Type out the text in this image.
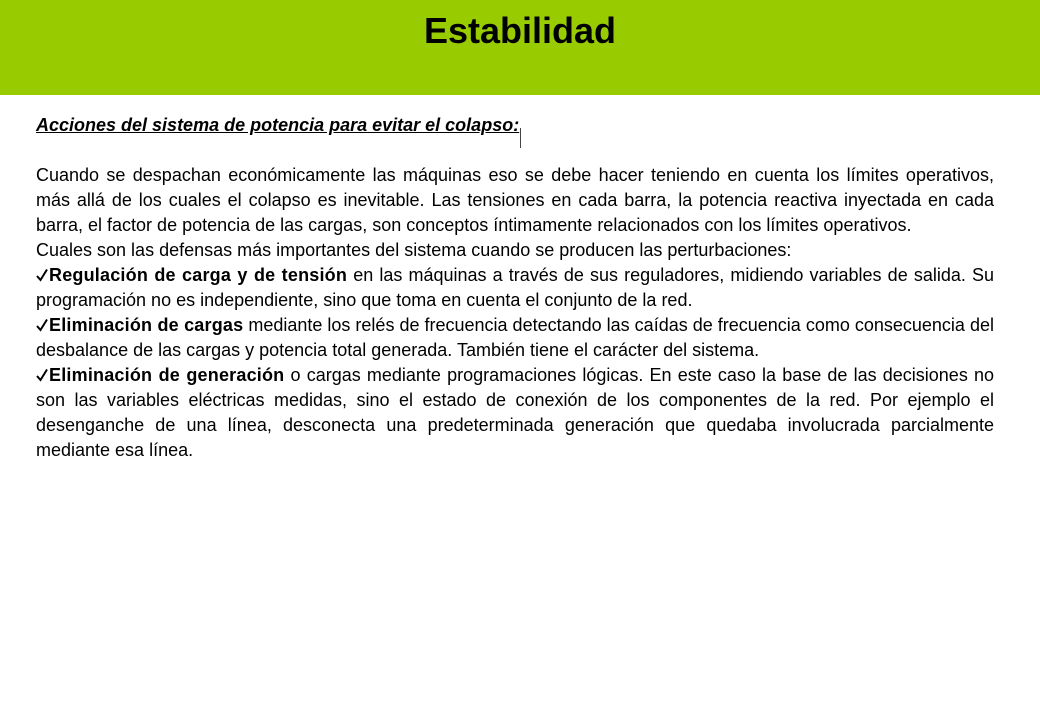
Estabilidad

Acciones del sistema de potencia para evitar el colapso:

Cuando se despachan económicamente las máquinas eso se debe hacer teniendo en cuenta los límites operativos, más allá de los cuales el colapso es inevitable. Las tensiones en cada barra, la potencia reactiva inyectada en cada barra, el factor de potencia de las cargas, son conceptos íntimamente relacionados con los límites operativos.

Cuales son las defensas más importantes del sistema cuando se producen las perturbaciones:

Regulación de carga y de tensión en las máquinas a través de sus reguladores, midiendo variables de salida. Su programación no es independiente, sino que toma en cuenta el conjunto de la red.

Eliminación de cargas mediante los relés de frecuencia detectando las caídas de frecuencia como consecuencia del desbalance de las cargas y potencia total generada. También tiene el carácter del sistema.

Eliminación de generación o cargas mediante programaciones lógicas. En este caso la base de las decisiones no son las variables eléctricas medidas, sino el estado de conexión de los componentes de la red. Por ejemplo el desenganche de una línea, desconecta una predeterminada generación que quedaba involucrada parcialmente mediante esa línea.
